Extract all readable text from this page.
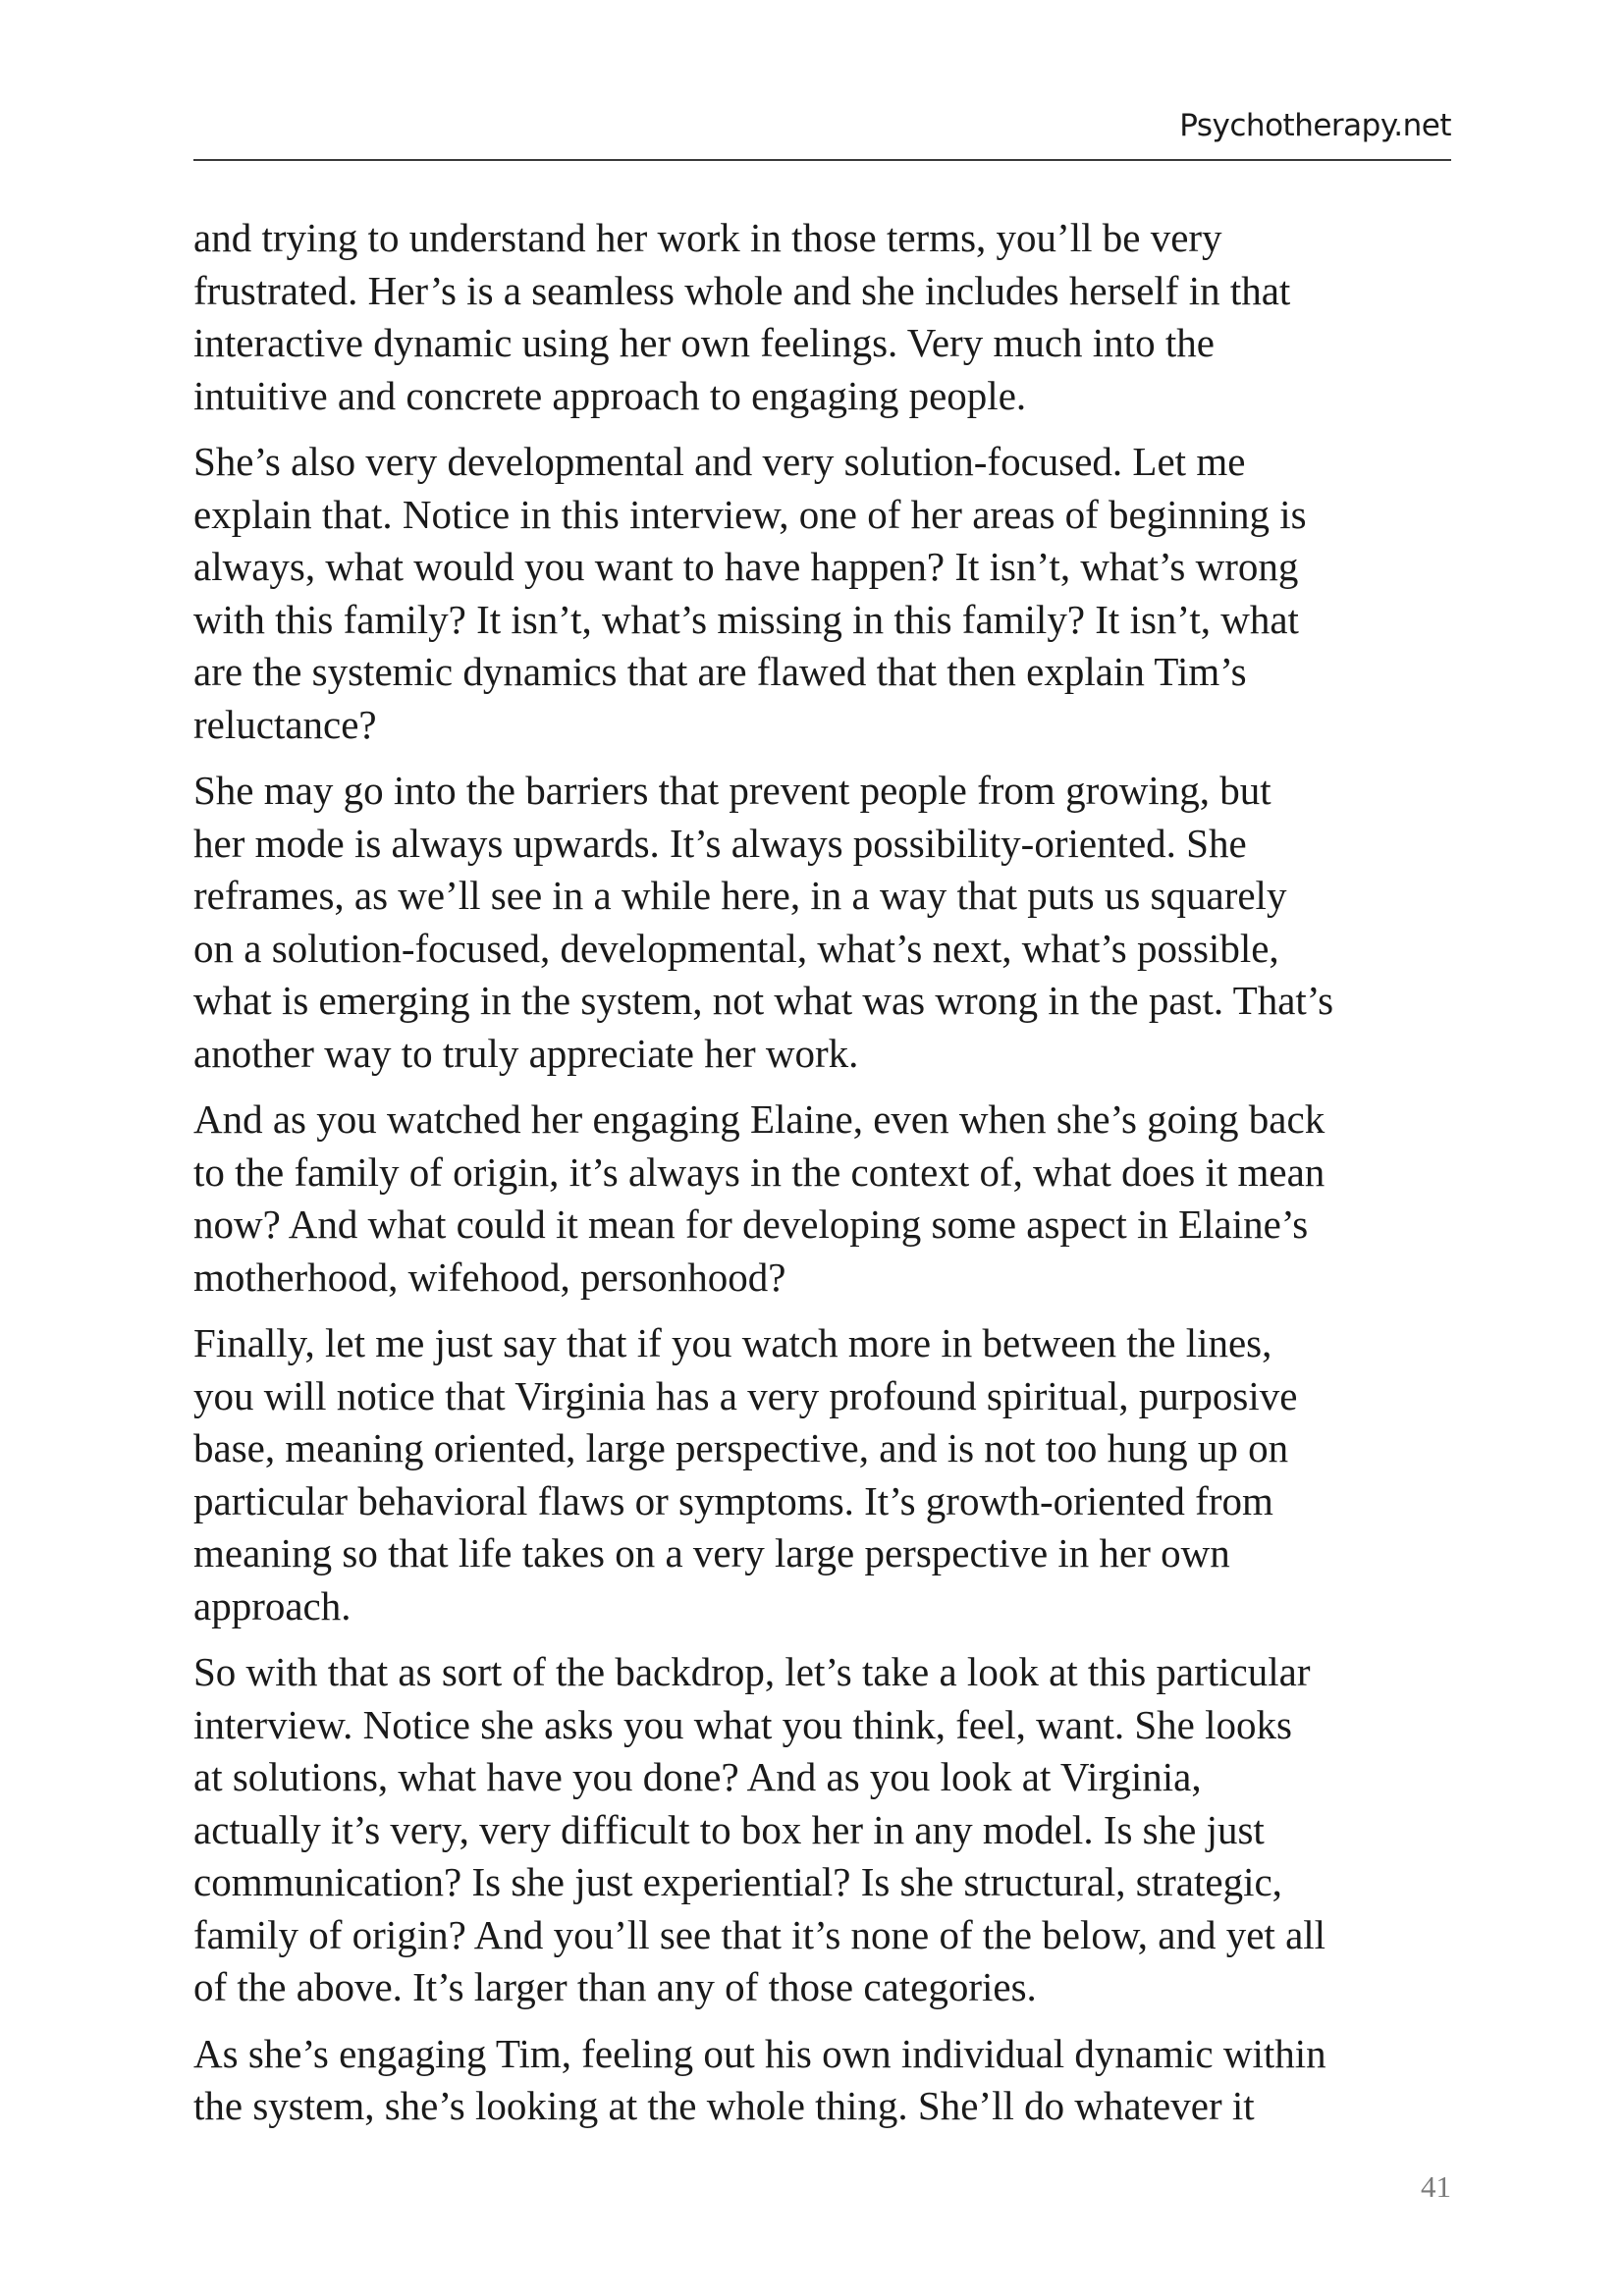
Psychotherapy.net

and trying to understand her work in those terms, you’ll be very
frustrated. Her’s is a seamless whole and she includes herself in that
interactive dynamic using her own feelings. Very much into the
intuitive and concrete approach to engaging people.

She’s also very developmental and very solution-focused. Let me
explain that. Notice in this interview, one of her areas of beginning is
always, what would you want to have happen? It isn’t, what’s wrong
with this family? It isn’t, what’s missing in this family? It isn’t, what
are the systemic dynamics that are flawed that then explain Tim’s
reluctance?

She may go into the barriers that prevent people from growing, but
her mode is always upwards. It’s always possibility-oriented. She
reframes, as we’ll see in a while here, in a way that puts us squarely
on a solution-focused, developmental, what’s next, what’s possible,
what is emerging in the system, not what was wrong in the past. That’s
another way to truly appreciate her work.

And as you watched her engaging Elaine, even when she’s going back
to the family of origin, it’s always in the context of, what does it mean
now? And what could it mean for developing some aspect in Elaine’s
motherhood, wifehood, personhood?

Finally, let me just say that if you watch more in between the lines,
you will notice that Virginia has a very profound spiritual, purposive
base, meaning oriented, large perspective, and is not too hung up on
particular behavioral flaws or symptoms. It’s growth-oriented from
meaning so that life takes on a very large perspective in her own
approach.

So with that as sort of the backdrop, let’s take a look at this particular
interview. Notice she asks you what you think, feel, want. She looks
at solutions, what have you done? And as you look at Virginia,
actually it’s very, very difficult to box her in any model. Is she just
communication? Is she just experiential? Is she structural, strategic,
family of origin? And you’ll see that it’s none of the below, and yet all
of the above. It’s larger than any of those categories.

As she’s engaging Tim, feeling out his own individual dynamic within
the system, she’s looking at the whole thing. She’ll do whatever it

41
